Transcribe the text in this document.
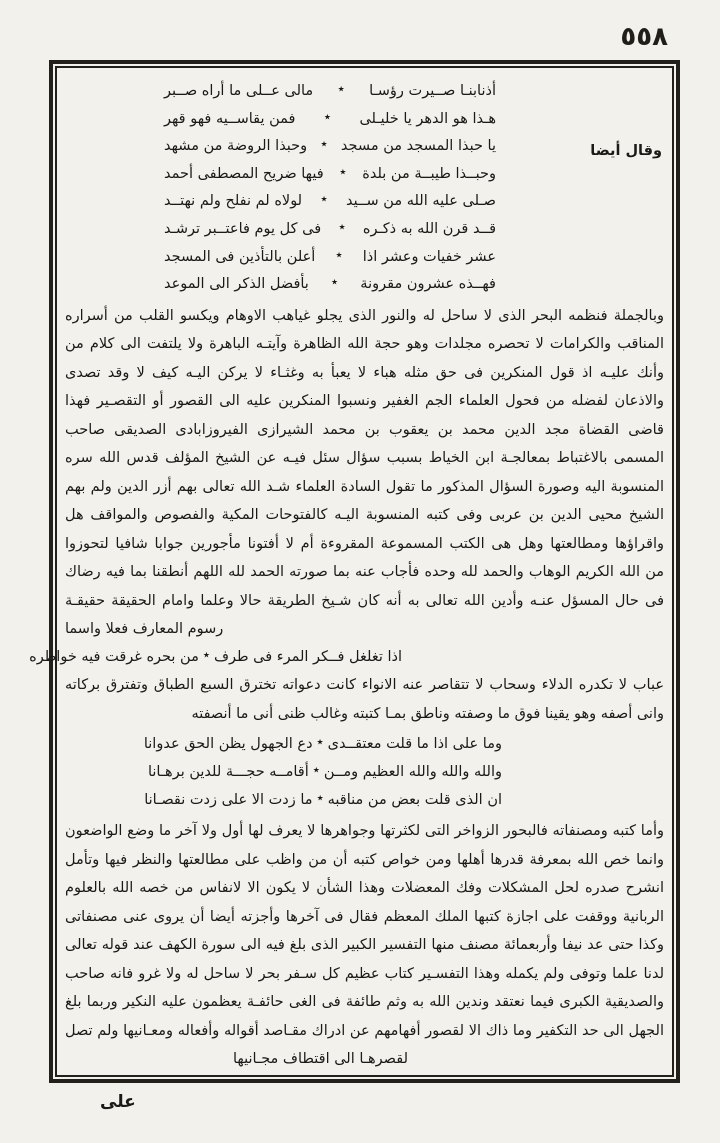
٥٥٨
وقال أيضا
أذنابنـا صــيرت رؤسـا
٭
مالى عــلى ما أراه صــبر
هـذا هو الدهر يا خليـلى
٭
فمن يقاســيه فهو قهر
يا حبذا المسجد من مسجد
٭
وحبذا الروضة من مشهد
وحبــذا طيبــة من بلدة
٭
فيها ضريح المصطفى أحمد
صـلى عليه الله من ســيد
٭
لولاه لم نفلح ولم نهتــد
قــد قرن الله به ذكـره
٭
فى كل يوم فاعتــبر ترشـد
عشر خفيات وعشر اذا
٭
أعلن بالتأذين فى المسجد
فهــذه عشرون مقرونة
٭
بأفضل الذكر الى الموعد
وبالجملة فنظمه البحر الذى لا ساحل له والنور الذى يجلو غياهب الاوهام ويكسو القلب من أسراره
المناقب والكرامات لا تحصره مجلدات وهو حجة الله الظاهرة وآيتـه الباهرة ولا يلتفت الى كلام من
وأنك عليـه اذ قول المنكرين فى حق مثله هباء لا يعبأ به وغثـاء لا يركن اليـه كيف لا وقد تصدى
والاذعان لفضله من فحول العلماء الجم الغفير ونسبوا المنكرين عليه الى القصور أو التقصـير فهذا
قاضى القضاة مجد الدين محمد بن يعقوب بن محمد الشيرازى الفيروزابادى الصديقى صاحب
المسمى بالاغتباط بمعالجـة ابن الخياط بسبب سؤال سئل فيـه عن الشيخ المؤلف قدس الله سره
المنسوبة اليه وصورة السؤال المذكور ما تقول السادة العلماء شـد الله تعالى بهم أزر الدين ولم بهم
الشيخ محيى الدين بن عربى وفى كتبه المنسوبة اليـه كالفتوحات المكية والفصوص والمواقف هل
واقراؤها ومطالعتها وهل هى الكتب المسموعة المقروءة أم لا أفتونا مأجورين جوابا شافيا لتحوزوا
من الله الكريم الوهاب والحمد لله وحده فأجاب عنه بما صورته الحمد لله اللهم أنطقنا بما فيه رضاك
فى حال المسؤل عنـه وأدين الله تعالى به أنه كان شـيخ الطريقة حالا وعلما وامام الحقيقة حقيقـة
رسوم المعارف فعلا واسما
اذا تغلغل فــكر المرء فى طرف
٭
من بحره غرقت فيه خواطره
عباب لا تكدره الدلاء وسحاب لا تتقاصر عنه الانواء كانت دعواته تخترق السبع الطباق وتفترق بركاته
وانى أصفه وهو يقينا فوق ما وصفته وناطق بمـا كتبته وغالب ظنى أنى ما أنصفته
وما على اذا ما قلت معتقــدى
٭
دع الجهول يظن الحق عدوانا
والله والله والله العظيم ومــن
٭
أقامــه حجـــة للدين برهـانا
ان الذى قلت بعض من مناقبه
٭
ما زدت الا على زدت نقصـانا
وأما كتبه ومصنفاته فالبحور الزواخر التى لكثرتها وجواهرها لا يعرف لها أول ولا آخر ما وضع الواضعون
وانما خص الله بمعرفة قدرها أهلها ومن خواص كتبه أن من واظب على مطالعتها والنظر فيها وتأمل
انشرح صدره لحل المشكلات وفك المعضلات وهذا الشأن لا يكون الا لانفاس من خصه الله بالعلوم
الربانية ووقفت على اجازة كتبها الملك المعظم فقال فى آخرها وأجزته أيضا أن يروى عنى مصنفاتى
وكذا حتى عد نيفا وأربعمائة مصنف منها التفسير الكبير الذى بلغ فيه الى سورة الكهف عند قوله تعالى
لدنا علما وتوفى ولم يكمله وهذا التفسـير كتاب عظيم كل سـفر بحر لا ساحل له ولا غرو فانه صاحب
والصديقية الكبرى فيما نعتقد وندين الله به وثم طائفة فى الغى حائفـة يعظمون عليه النكير وربما بلغ
الجهل الى حد التكفير وما ذاك الا لقصور أفهامهم عن ادراك مقـاصد أقواله وأفعاله ومعـانيها ولم تصل
لقصرهـا الى اقتطاف مجـانيها
على
